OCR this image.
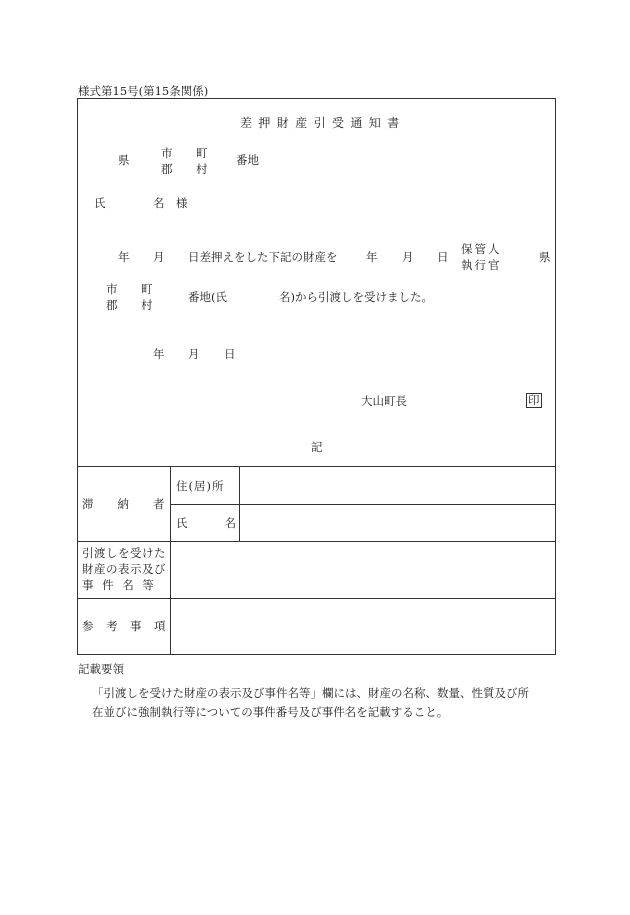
様式第15号(第15条関係)
差押財産引受通知書
県	市
郡
町
村
番地
氏	名 様
年 月 日差押えをした下記の財産を 年 月 日
保管人
執行官
県
市
郡
町
村
番地(氏	名)から引渡しを受けました。
年 月 日
大山町長	印
記
滞納者
住(居)所
氏名
引渡しを受けた
財産の表示及び
事件名等
参考事項
記載要領
「引渡しを受けた財産の表示及び事件名等」欄には、財産の名称、数量、性質及び所
在並びに強制執行等についての事件番号及び事件名を記載すること。
